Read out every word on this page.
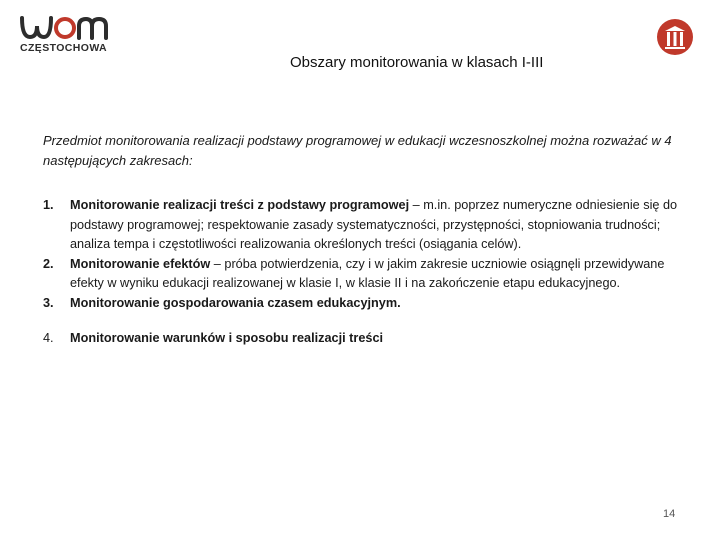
CZĘSTOCHOWA
Obszary monitorowania w klasach I-III

Przedmiot monitorowania realizacji podstawy programowej w edukacji wczesnoszkolnej można rozważać w 4 następujących zakresach:

1. Monitorowanie realizacji treści z podstawy programowej – m.in. poprzez numeryczne odniesienie się do podstawy programowej; respektowanie zasady systematyczności, przystępności, stopniowania trudności; analiza tempa i częstotliwości realizowania określonych treści (osiągania celów).
2. Monitorowanie efektów – próba potwierdzenia, czy i w jakim zakresie uczniowie osiągnęli przewidywane efekty w wyniku edukacji realizowanej w klasie I, w klasie II i na zakończenie etapu edukacyjnego.
3. Monitorowanie gospodarowania czasem edukacyjnym.
4. Monitorowanie warunków i sposobu realizacji treści
14
